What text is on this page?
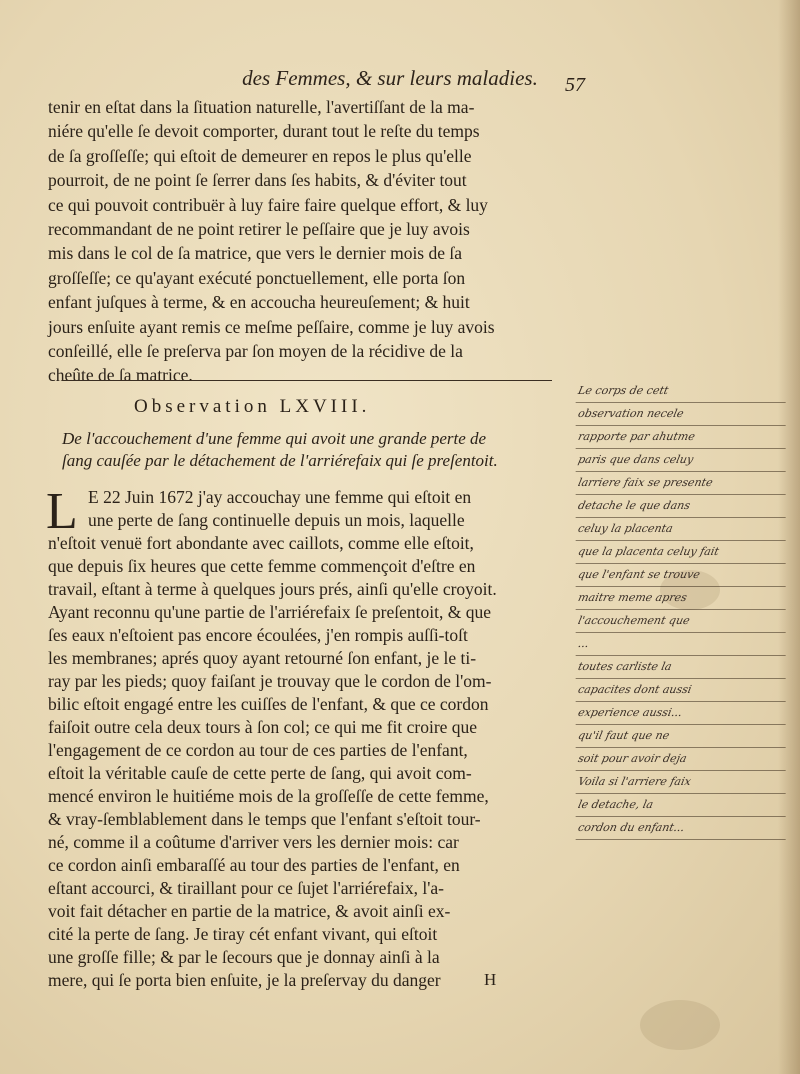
des Femmes, & sur leurs maladies.	57
tenir en eſtat dans la ſituation naturelle, l'avertiſſant de la ma-
niére qu'elle ſe devoit comporter, durant tout le reſte du temps
de ſa groſſeſſe; qui eſtoit de demeurer en repos le plus qu'elle
pourroit, de ne point ſe ſerrer dans ſes habits, & d'éviter tout
ce qui pouvoit contribuër à luy faire faire quelque effort, & luy
recommandant de ne point retirer le peſſaire que je luy avois
mis dans le col de ſa matrice, que vers le dernier mois de ſa
groſſeſſe; ce qu'ayant exécuté ponctuellement, elle porta ſon
enfant juſques à terme, & en accoucha heureuſement; & huit
jours enſuite ayant remis ce meſme peſſaire, comme je luy avois
conſeillé, elle ſe preſerva par ſon moyen de la récidive de la
cheûte de ſa matrice.
Observation LXVIII.
De l'accouchement d'une femme qui avoit une grande perte de
ſang cauſée par le détachement de l'arriérefaix qui ſe preſentoit.
L E 22 Juin 1672 j'ay accouchay une femme qui eſtoit en
une perte de ſang continuelle depuis un mois, laquelle
n'eſtoit venuë fort abondante avec caillots, comme elle eſtoit,
que depuis ſix heures que cette femme commençoit d'eſtre en
travail, eſtant à terme à quelques jours prés, ainſi qu'elle croyoit.
Ayant reconnu qu'une partie de l'arriérefaix ſe preſentoit, & que
ſes eaux n'eſtoient pas encore écoulées, j'en rompis auſſi-toſt
les membranes; aprés quoy ayant retourné ſon enfant, je le ti-
ray par les pieds; quoy faiſant je trouvay que le cordon de l'om-
bilic eſtoit engagé entre les cuiſſes de l'enfant, & que ce cordon
faiſoit outre cela deux tours à ſon col; ce qui me fit croire que
l'engagement de ce cordon au tour de ces parties de l'enfant,
eſtoit la véritable cauſe de cette perte de ſang, qui avoit com-
mencé environ le huitiéme mois de la groſſeſſe de cette femme,
& vray-ſemblablement dans le temps que l'enfant s'eſtoit tour-
né, comme il a coûtume d'arriver vers les dernier mois: car
ce cordon ainſi embaraſſé au tour des parties de l'enfant, en
eſtant accourci, & tiraillant pour ce ſujet l'arriérefaix, l'a-
voit fait détacher en partie de la matrice, & avoit ainſi ex-
cité la perte de ſang. Je tiray cét enfant vivant, qui eſtoit
une groſſe fille; & par le ſecours que je donnay ainſi à la
mere, qui ſe porta bien enſuite, je la preſervay du danger	H
Le corps de cett
observation necele
rapporte par ahutme
paris que dans celuy
larriere faix se presente
detache le que dans
celuy la placenta
que la placenta celuy fait
que l'enfant se trouve
maitre meme apres
l'accouchement que
...
toutes carliste la
capacites dont aussi
experience aussi...
qu'il faut que ne
soit pour avoir deja
Voila si l'arriere faix
le detache, la
cordon du enfant...
